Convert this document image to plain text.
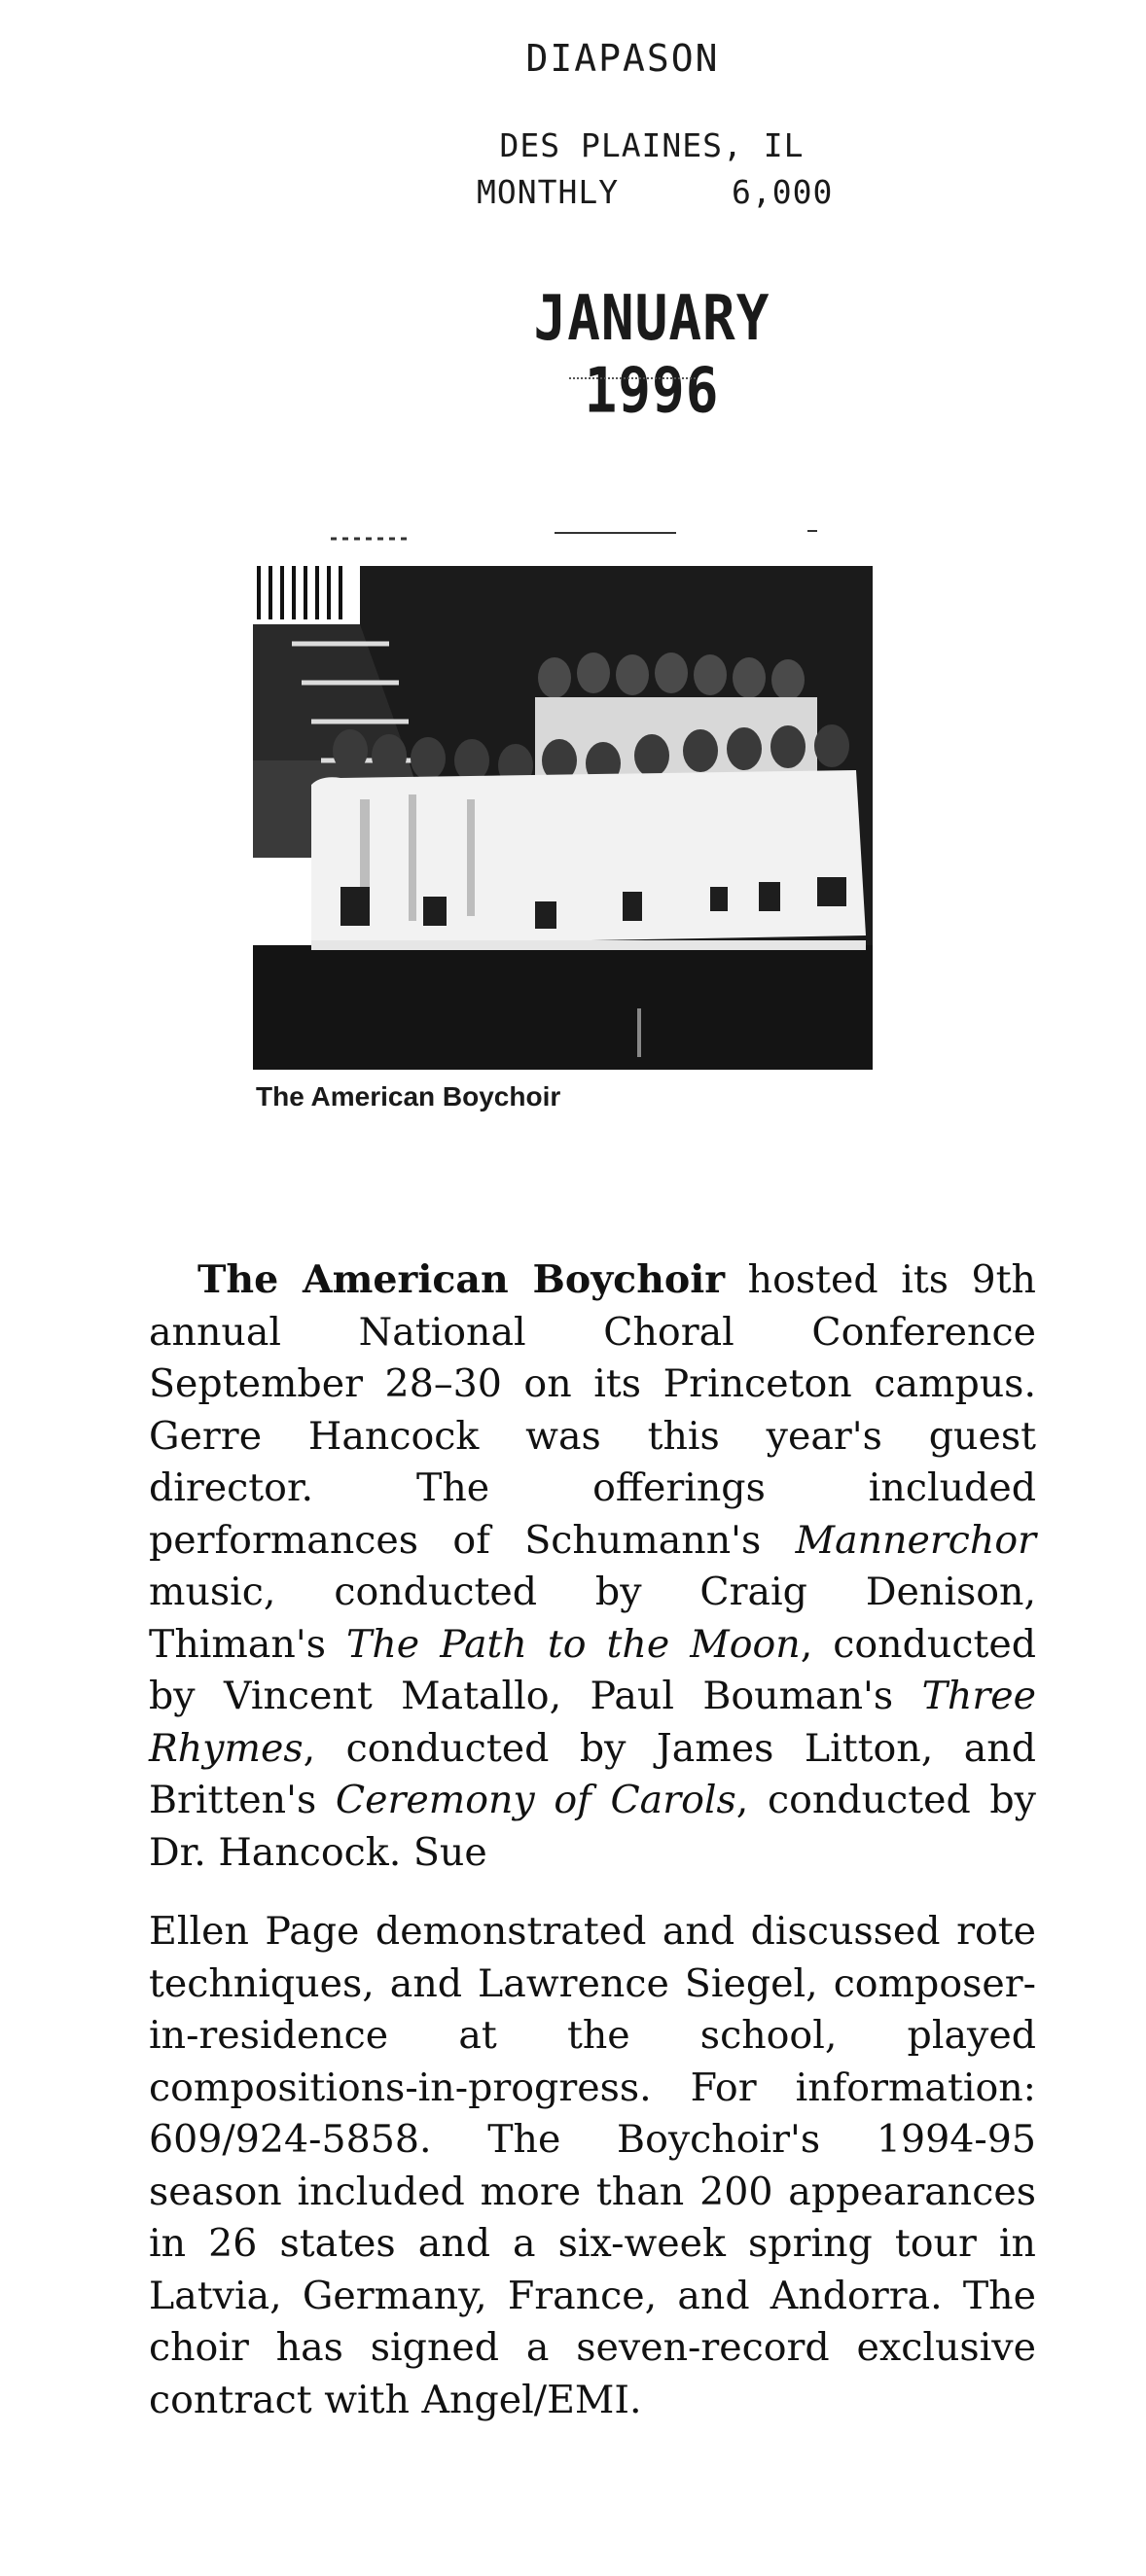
DIAPASON
DES PLAINES, IL
MONTHLY	6,000
JANUARY 1996
The American Boychoir

The American Boychoir hosted its 9th annual National Choral Conference September 28–30 on its Princeton campus. Gerre Hancock was this year's guest director. The offerings included performances of Schumann's Mannerchor music, conducted by Craig Denison, Thiman's The Path to the Moon, conducted by Vincent Matallo, Paul Bouman's Three Rhymes, conducted by James Litton, and Britten's Ceremony of Carols, conducted by Dr. Hancock. Sue
Ellen Page demonstrated and discussed rote techniques, and Lawrence Siegel, composer-in-residence at the school, played compositions-in-progress. For information: 609/924-5858. The Boychoir's 1994-95 season included more than 200 appearances in 26 states and a six-week spring tour in Latvia, Germany, France, and Andorra. The choir has signed a seven-record exclusive contract with Angel/EMI.
